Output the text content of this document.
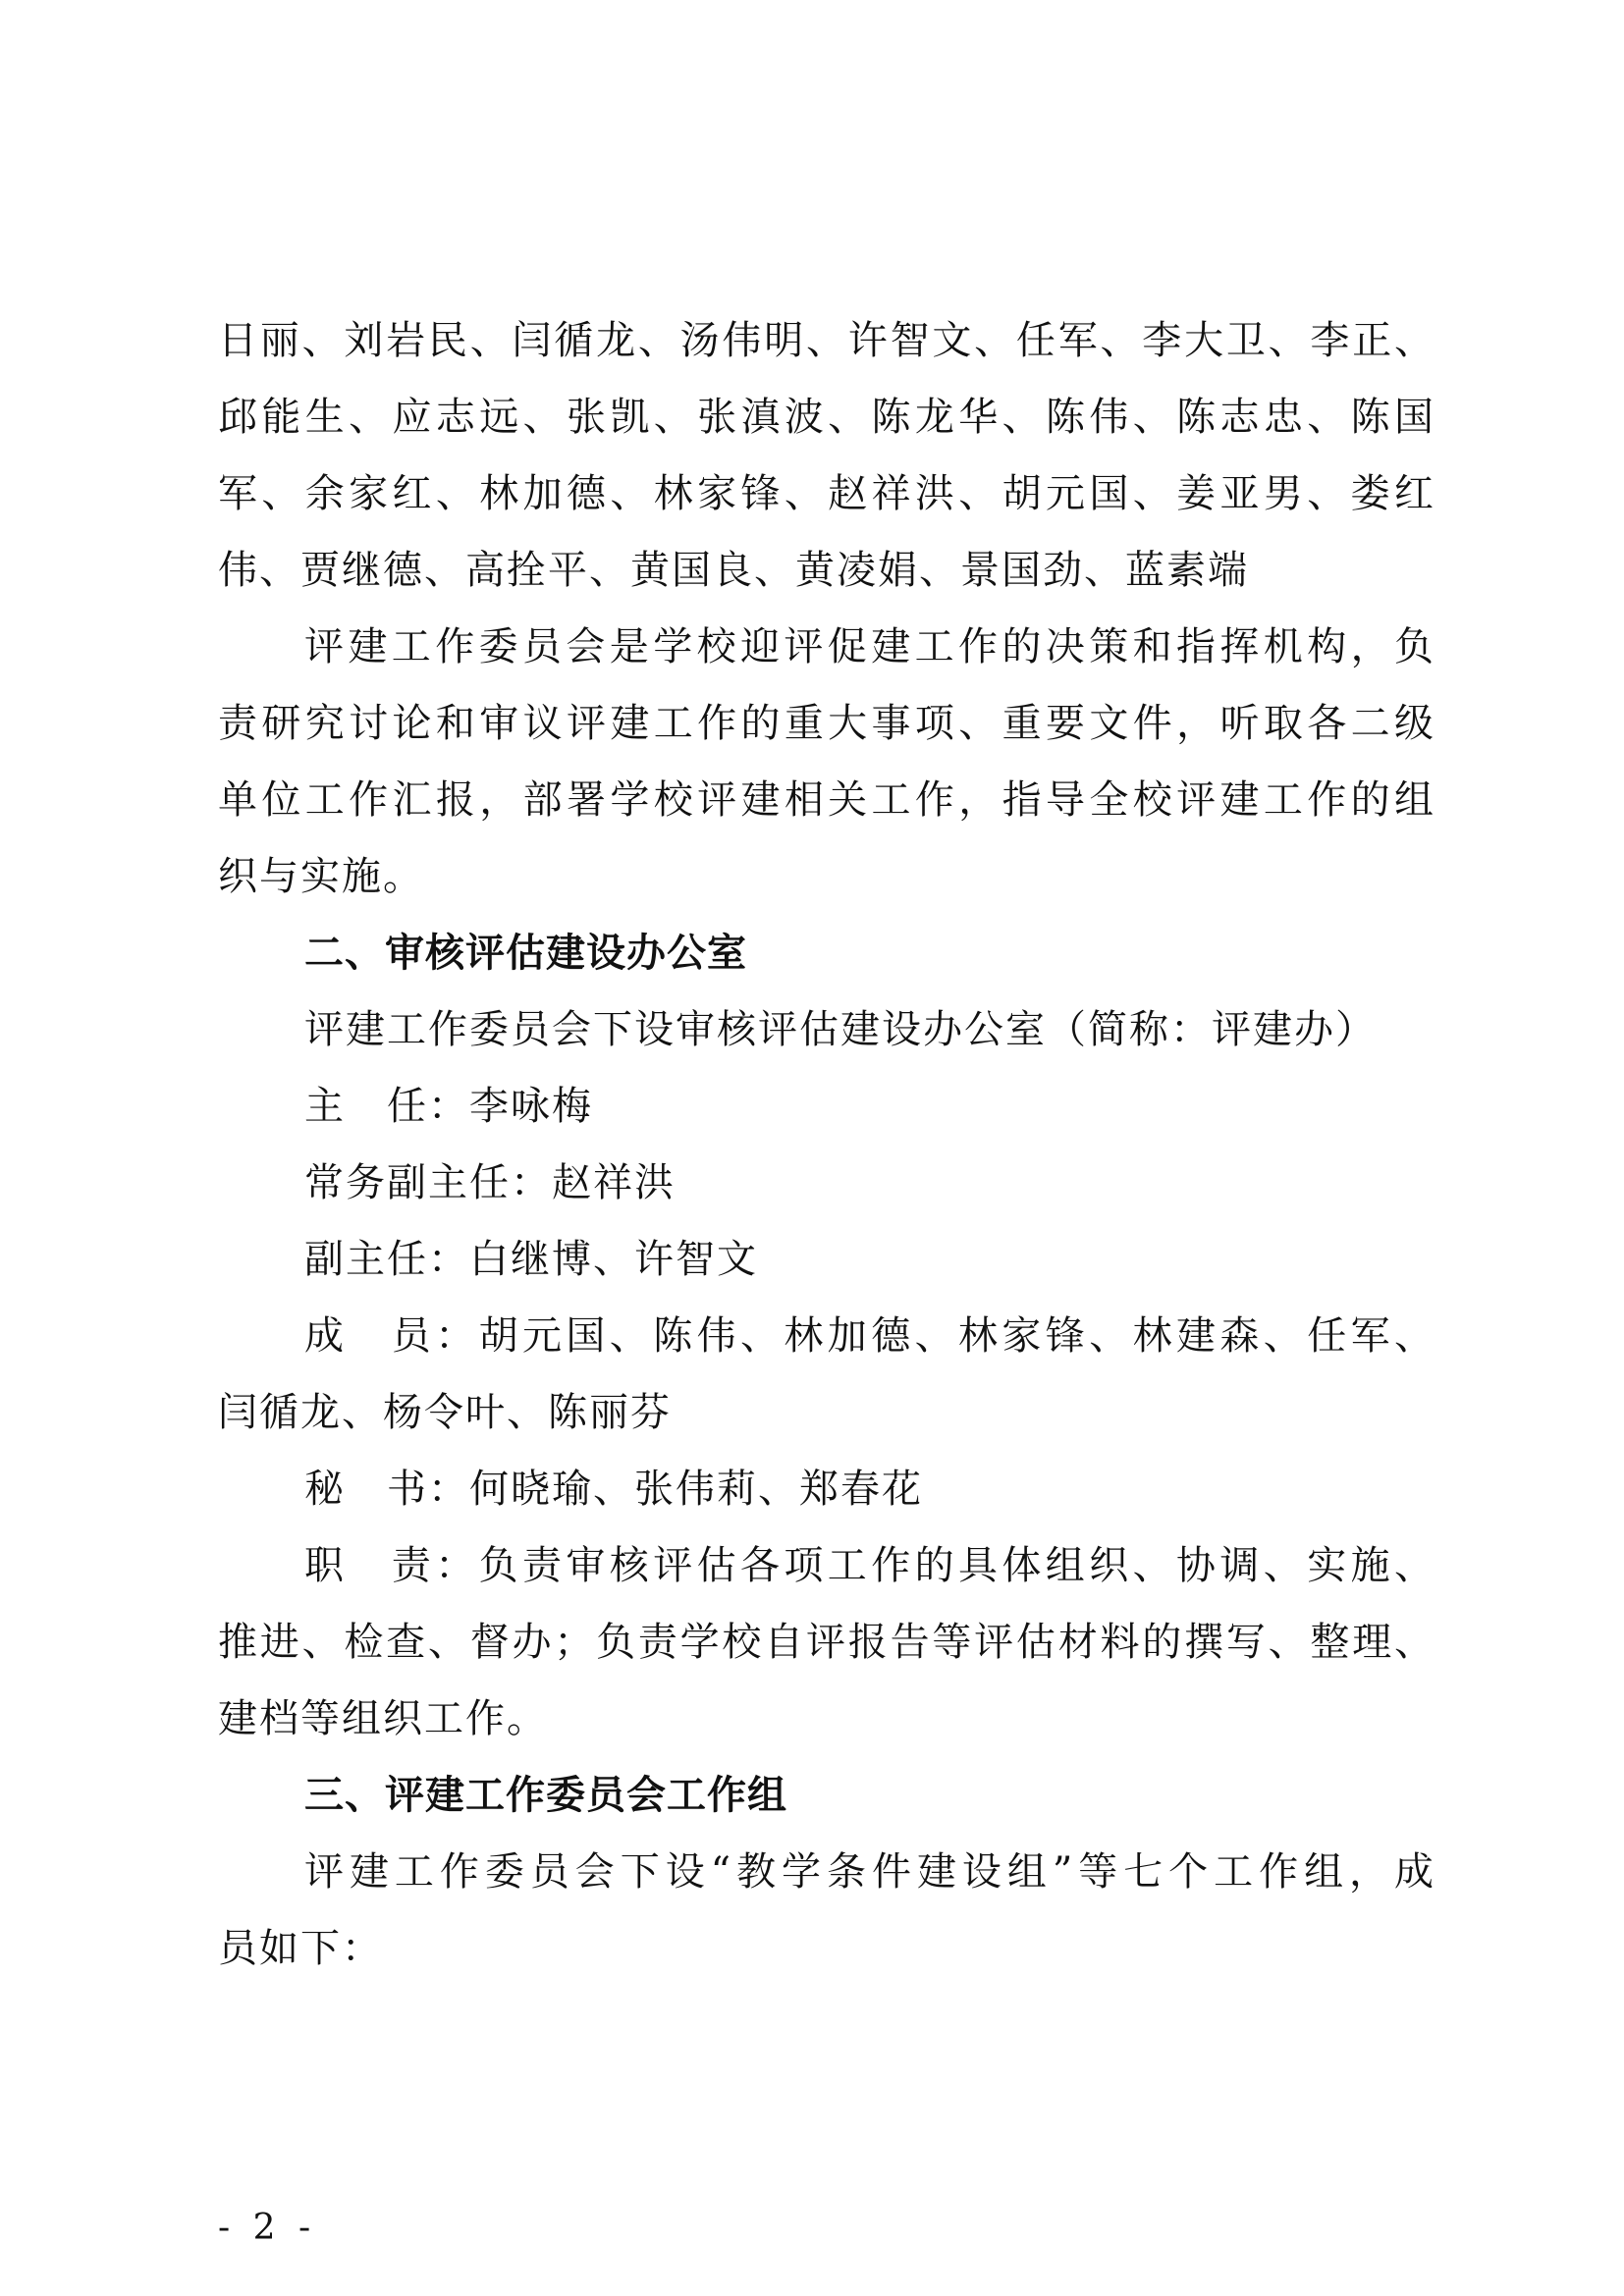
日丽、刘岩民、闫循龙、汤伟明、许智文、任军、李大卫、李正、
邱能生、应志远、张凯、张滇波、陈龙华、陈伟、陈志忠、陈国
军、余家红、林加德、林家锋、赵祥洪、胡元国、姜亚男、娄红
伟、贾继德、高拴平、黄国良、黄凌娟、景国劲、蓝素端
评建工作委员会是学校迎评促建工作的决策和指挥机构，负
责研究讨论和审议评建工作的重大事项、重要文件，听取各二级
单位工作汇报，部署学校评建相关工作，指导全校评建工作的组
织与实施。
二、审核评估建设办公室
评建工作委员会下设审核评估建设办公室（简称：评建办）
主　任：李咏梅
常务副主任：赵祥洪
副主任：白继博、许智文
成　员：胡元国、陈伟、林加德、林家锋、林建森、任军、
闫循龙、杨令叶、陈丽芬
秘　书：何晓瑜、张伟莉、郑春花
职　责：负责审核评估各项工作的具体组织、协调、实施、
推进、检查、督办；负责学校自评报告等评估材料的撰写、整理、
建档等组织工作。
三、评建工作委员会工作组
评建工作委员会下设“教学条件建设组”等七个工作组，成
员如下：
- 2 -
